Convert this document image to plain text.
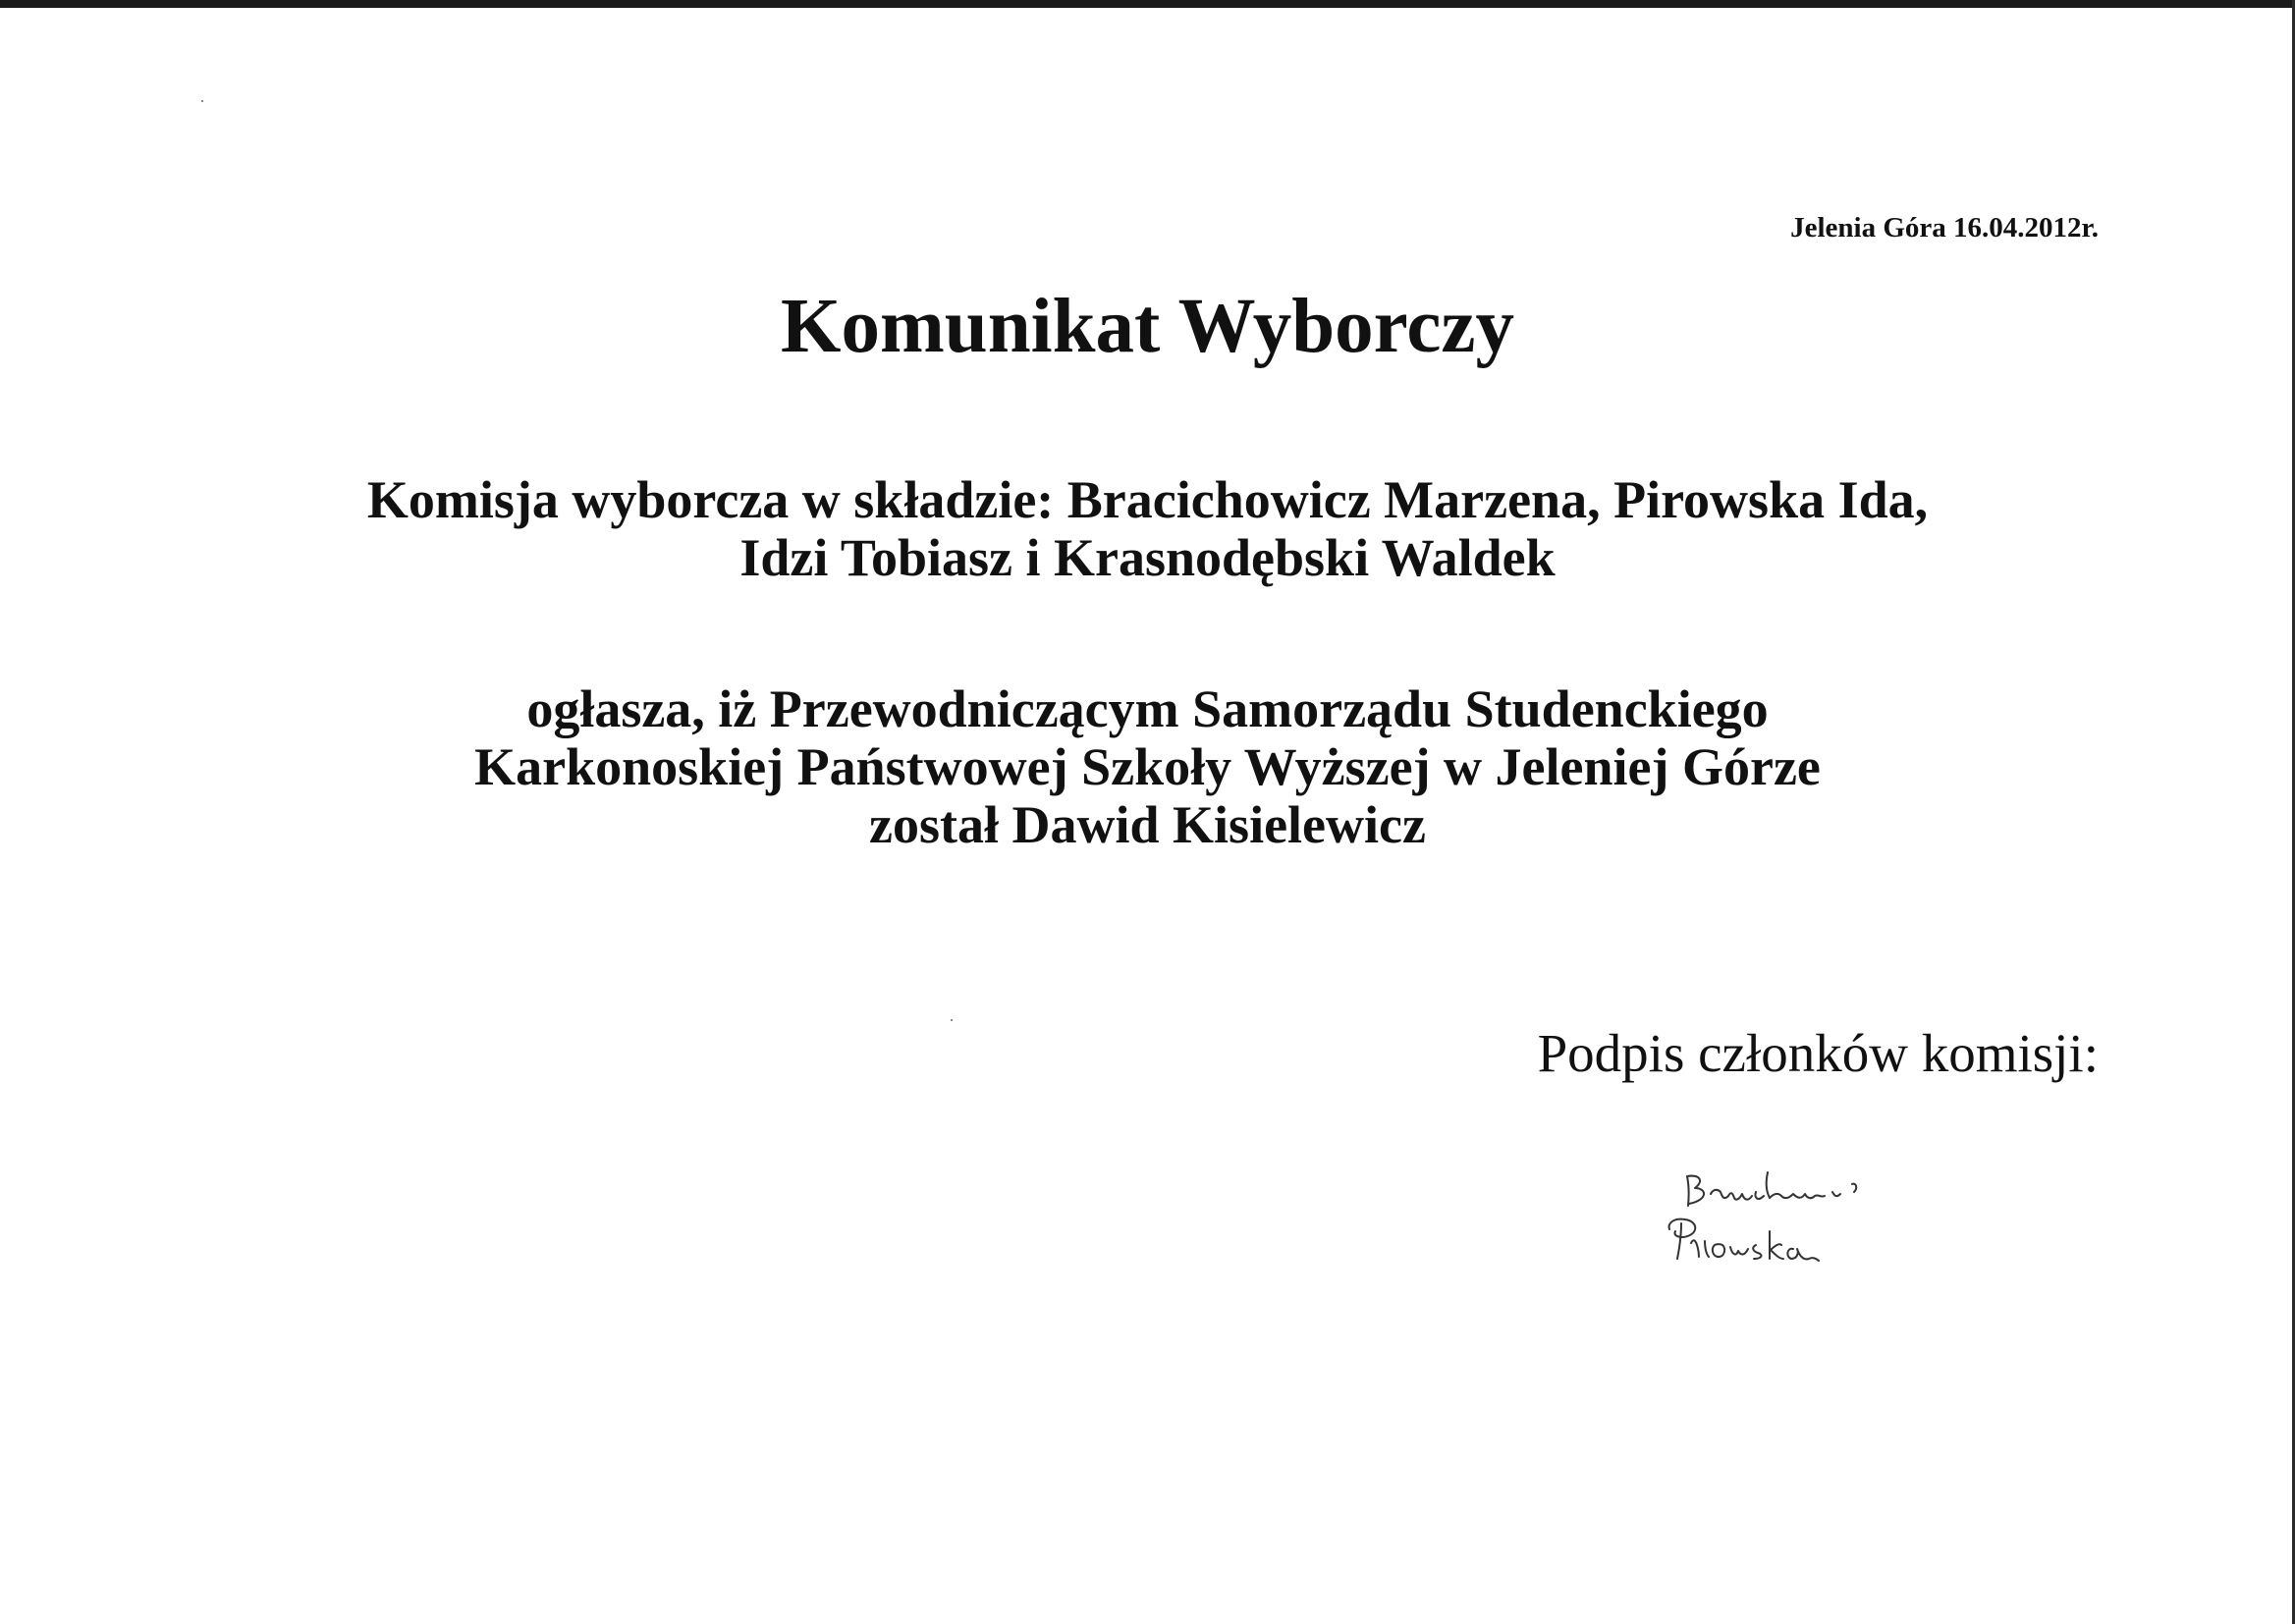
Jelenia Góra 16.04.2012r.
Komunikat Wyborczy
Komisja wyborcza w składzie: Bracichowicz Marzena, Pirowska Ida,
Idzi Tobiasz i Krasnodębski Waldek
ogłasza, iż Przewodniczącym Samorządu Studenckiego
Karkonoskiej Państwowej Szkoły Wyższej w Jeleniej Górze
został Dawid Kisielewicz
Podpis członków komisji:
